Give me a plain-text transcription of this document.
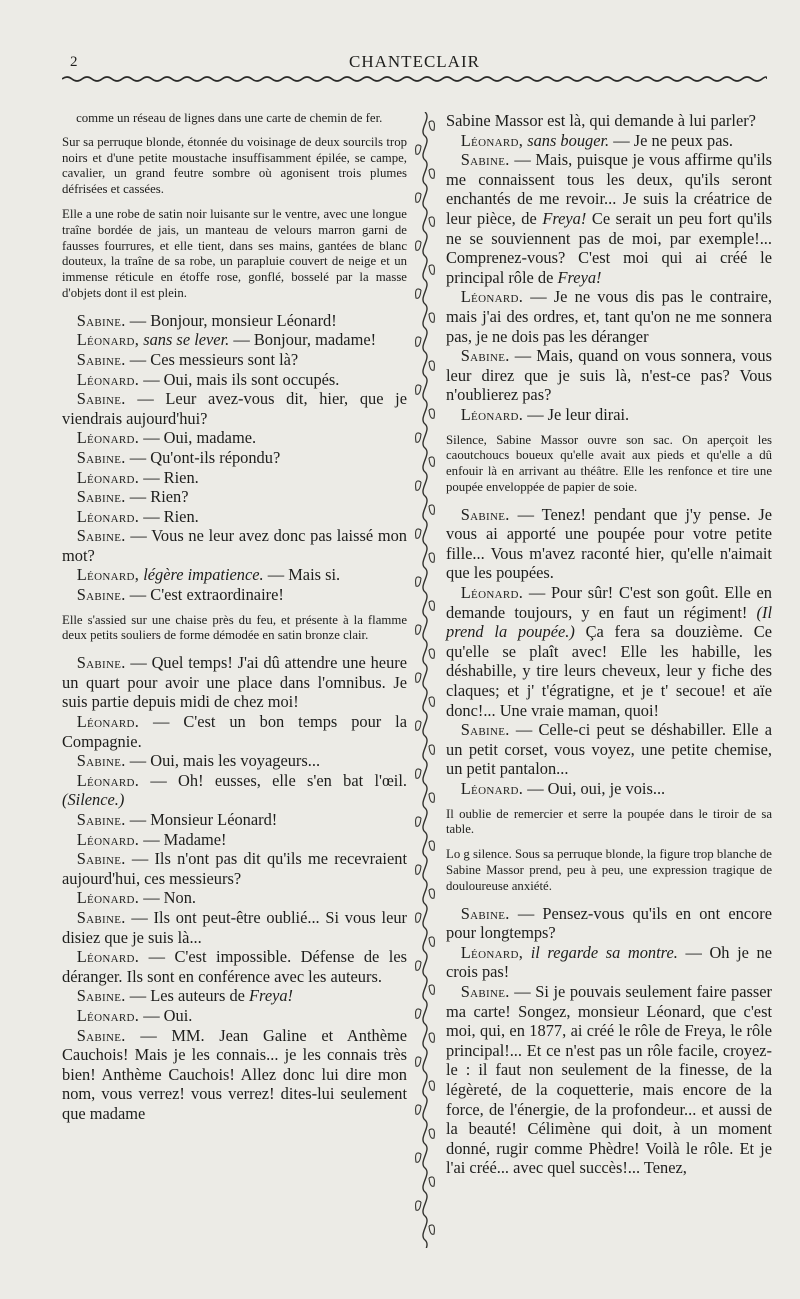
2	CHANTECLAIR

comme un réseau de lignes dans une carte de chemin de fer.

Sur sa perruque blonde, étonnée du voisinage de deux sourcils trop noirs et d'une petite moustache insuffisamment épilée, se campe, cavalier, un grand feutre sombre où agonisent trois plumes défrisées et cassées.

Elle a une robe de satin noir luisante sur le ventre, avec une longue traîne bordée de jais, un manteau de velours marron garni de fausses fourrures, et elle tient, dans ses mains, gantées de blanc douteux, la traîne de sa robe, un parapluie couvert de neige et un immense réticule en étoffe rose, gonflé, bosselé par la masse d'objets dont il est plein.

Sabine. — Bonjour, monsieur Léonard!

Léonard, sans se lever. — Bonjour, madame!

Sabine. — Ces messieurs sont là?

Léonard. — Oui, mais ils sont occupés.

Sabine. — Leur avez-vous dit, hier, que je viendrais aujourd'hui?

Léonard. — Oui, madame.

Sabine. — Qu'ont-ils répondu?

Léonard. — Rien.

Sabine. — Rien?

Léonard. — Rien.

Sabine. — Vous ne leur avez donc pas laissé mon mot?

Léonard, légère impatience. — Mais si.

Sabine. — C'est extraordinaire!

Elle s'assied sur une chaise près du feu, et présente à la flamme deux petits souliers de forme démodée en satin bronze clair.

Sabine. — Quel temps! J'ai dû attendre une heure un quart pour avoir une place dans l'omnibus. Je suis partie depuis midi de chez moi!

Léonard. — C'est un bon temps pour la Compagnie.

Sabine. — Oui, mais les voyageurs...

Léonard. — Oh! eusses, elle s'en bat l'œil. (Silence.)

Sabine. — Monsieur Léonard!

Léonard. — Madame!

Sabine. — Ils n'ont pas dit qu'ils me recevraient aujourd'hui, ces messieurs?

Léonard. — Non.

Sabine. — Ils ont peut-être oublié... Si vous leur disiez que je suis là...

Léonard. — C'est impossible. Défense de les déranger. Ils sont en conférence avec les auteurs.

Sabine. — Les auteurs de Freya!

Léonard. — Oui.

Sabine. — MM. Jean Galine et Anthème Cauchois! Mais je les connais... je les connais très bien! Anthème Cauchois! Allez donc lui dire mon nom, vous verrez! vous verrez! dites-lui seulement que madame

Sabine Massor est là, qui demande à lui parler?

Léonard, sans bouger. — Je ne peux pas.

Sabine. — Mais, puisque je vous affirme qu'ils me connaissent tous les deux, qu'ils seront enchantés de me revoir... Je suis la créatrice de leur pièce, de Freya! Ce serait un peu fort qu'ils ne se souviennent pas de moi, par exemple!... Comprenez-vous? C'est moi qui ai créé le principal rôle de Freya!

Léonard. — Je ne vous dis pas le contraire, mais j'ai des ordres, et, tant qu'on ne me sonnera pas, je ne dois pas les déranger

Sabine. — Mais, quand on vous sonnera, vous leur direz que je suis là, n'est-ce pas? Vous n'oublierez pas?

Léonard. — Je leur dirai.

Silence, Sabine Massor ouvre son sac. On aperçoit les caoutchoucs boueux qu'elle avait aux pieds et qu'elle a dû enfouir là en arrivant au théâtre. Elle les renfonce et tire une poupée enveloppée de papier de soie.

Sabine. — Tenez! pendant que j'y pense. Je vous ai apporté une poupée pour votre petite fille... Vous m'avez raconté hier, qu'elle n'aimait que les poupées.

Léonard. — Pour sûr! C'est son goût. Elle en demande toujours, y en faut un régiment! (Il prend la poupée.) Ça fera sa douzième. Ce qu'elle se plaît avec! Elle les habille, les déshabille, y tire leurs cheveux, leur y fiche des claques; et j' t'égratigne, et je t' secoue! et aïe donc!... Une vraie maman, quoi!

Sabine. — Celle-ci peut se déshabiller. Elle a un petit corset, vous voyez, une petite chemise, un petit pantalon...

Léonard. — Oui, oui, je vois...

Il oublie de remercier et serre la poupée dans le tiroir de sa table.

Lo g silence. Sous sa perruque blonde, la figure trop blanche de Sabine Massor prend, peu à peu, une expression tragique de douloureuse anxiété.

Sabine. — Pensez-vous qu'ils en ont encore pour longtemps?

Léonard, il regarde sa montre. — Oh je ne crois pas!

Sabine. — Si je pouvais seulement faire passer ma carte! Songez, monsieur Léonard, que c'est moi, qui, en 1877, ai créé le rôle de Freya, le rôle principal!... Et ce n'est pas un rôle facile, croyez-le : il faut non seulement de la finesse, de la légèreté, de la coquetterie, mais encore de la force, de l'énergie, de la profondeur... et aussi de la beauté! Célimène qui doit, à un moment donné, rugir comme Phèdre! Voilà le rôle. Et je l'ai créé... avec quel succès!... Tenez,
